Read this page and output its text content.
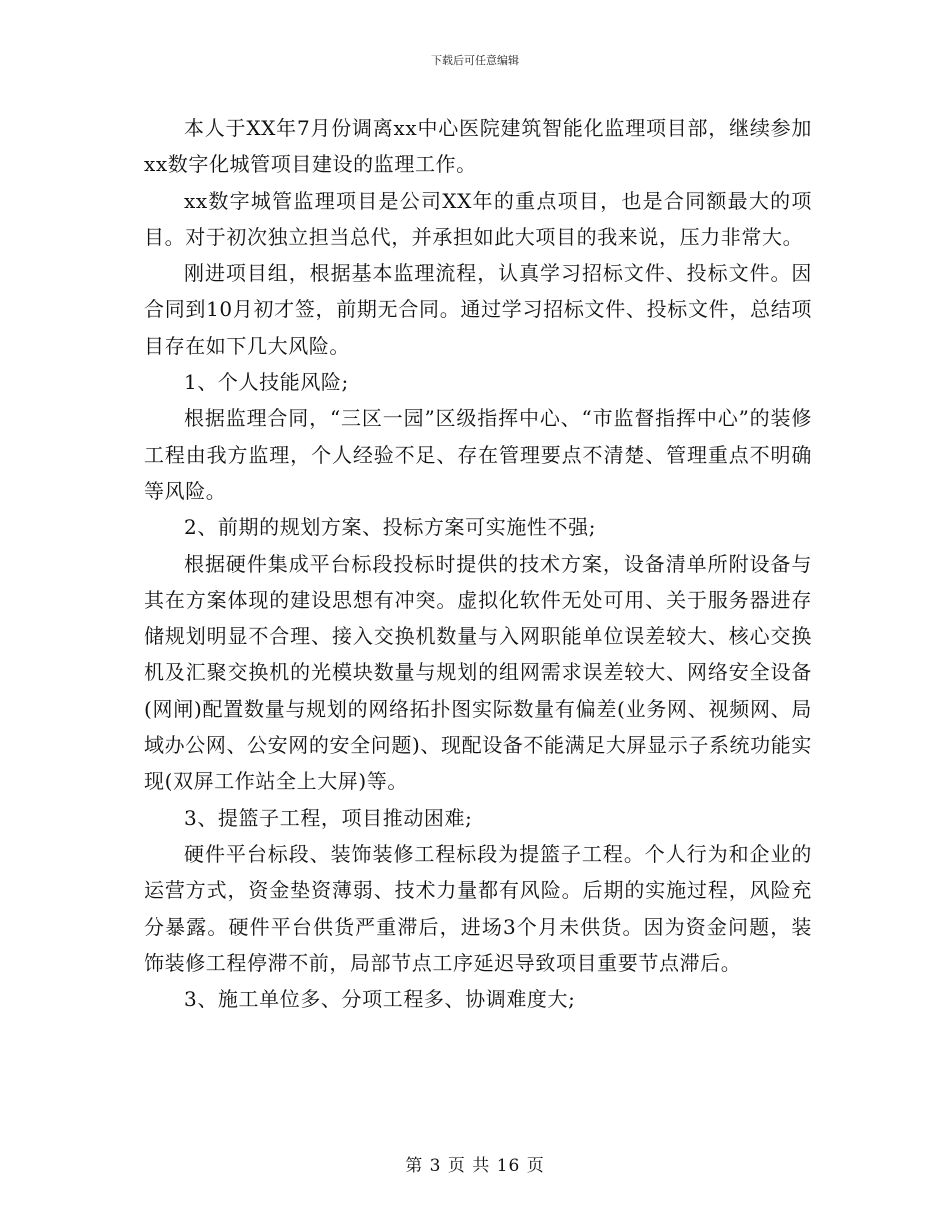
下载后可任意编辑

本人于XX年7月份调离xx中心医院建筑智能化监理项目部，继续参加xx数字化城管项目建设的监理工作。

xx数字城管监理项目是公司XX年的重点项目，也是合同额最大的项目。对于初次独立担当总代，并承担如此大项目的我来说，压力非常大。

刚进项目组，根据基本监理流程，认真学习招标文件、投标文件。因合同到10月初才签，前期无合同。通过学习招标文件、投标文件，总结项目存在如下几大风险。

1、个人技能风险;

根据监理合同，“三区一园”区级指挥中心、“市监督指挥中心”的装修工程由我方监理，个人经验不足、存在管理要点不清楚、管理重点不明确等风险。

2、前期的规划方案、投标方案可实施性不强;

根据硬件集成平台标段投标时提供的技术方案，设备清单所附设备与其在方案体现的建设思想有冲突。虚拟化软件无处可用、关于服务器进存储规划明显不合理、接入交换机数量与入网职能单位误差较大、核心交换机及汇聚交换机的光模块数量与规划的组网需求误差较大、网络安全设备(网闸)配置数量与规划的网络拓扑图实际数量有偏差(业务网、视频网、局域办公网、公安网的安全问题)、现配设备不能满足大屏显示子系统功能实现(双屏工作站全上大屏)等。

3、提篮子工程，项目推动困难;

硬件平台标段、装饰装修工程标段为提篮子工程。个人行为和企业的运营方式，资金垫资薄弱、技术力量都有风险。后期的实施过程，风险充分暴露。硬件平台供货严重滞后，进场3个月未供货。因为资金问题，装饰装修工程停滞不前，局部节点工序延迟导致项目重要节点滞后。

3、施工单位多、分项工程多、协调难度大;

第 3 页 共 16 页
